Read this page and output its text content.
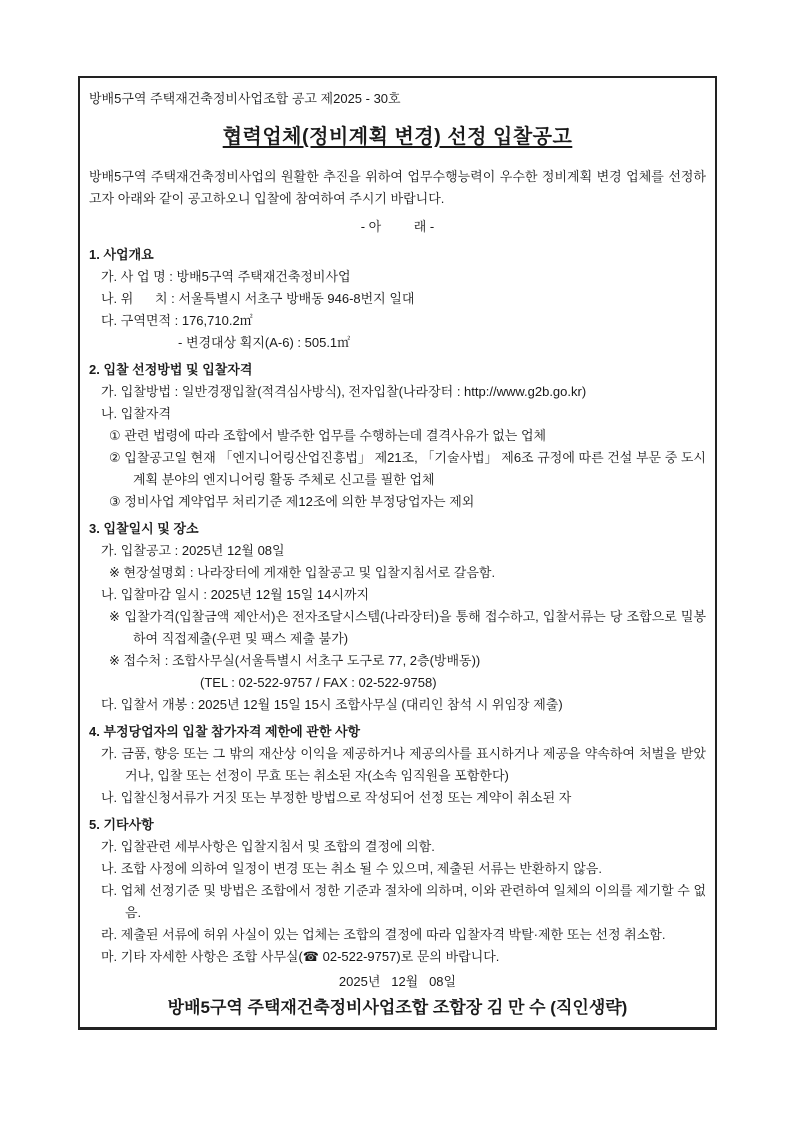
방배5구역 주택재건축정비사업조합 공고 제2025 - 30호
협력업체(정비계획 변경) 선정 입찰공고
방배5구역 주택재건축정비사업의 원활한 추진을 위하여 업무수행능력이 우수한 정비계획 변경 업체를 선정하고자 아래와 같이 공고하오니 입찰에 참여하여 주시기 바랍니다.
- 아         래 -
1. 사업개요
가. 사 업 명 : 방배5구역 주택재건축정비사업
나. 위      치 : 서울특별시 서초구 방배동 946-8번지 일대
다. 구역면적 : 176,710.2㎡
- 변경대상 획지(A-6) : 505.1㎡
2. 입찰 선정방법 및 입찰자격
가. 입찰방법 : 일반경쟁입찰(적격심사방식), 전자입찰(나라장터 : http://www.g2b.go.kr)
나. 입찰자격
① 관련 법령에 따라 조합에서 발주한 업무를 수행하는데 결격사유가 없는 업체
② 입찰공고일 현재 「엔지니어링산업진흥법」 제21조, 「기술사법」 제6조 규정에 따른 건설 부문 중 도시계획 분야의 엔지니어링 활동 주체로 신고를 필한 업체
③ 정비사업 계약업무 처리기준 제12조에 의한 부정당업자는 제외
3. 입찰일시 및 장소
가. 입찰공고 : 2025년 12월 08일
※ 현장설명회 : 나라장터에 게재한 입찰공고 및 입찰지침서로 갈음함.
나. 입찰마감 일시 : 2025년 12월 15일 14시까지
※ 입찰가격(입찰금액 제안서)은 전자조달시스템(나라장터)을 통해 접수하고, 입찰서류는 당 조합으로 밀봉하여 직접제출(우편 및 팩스 제출 불가)
※ 접수처 : 조합사무실(서울특별시 서초구 도구로 77, 2층(방배동))
(TEL : 02-522-9757 / FAX : 02-522-9758)
다. 입찰서 개봉 : 2025년 12월 15일 15시 조합사무실 (대리인 참석 시 위임장 제출)
4. 부정당업자의 입찰 참가자격 제한에 관한 사항
가. 금품, 향응 또는 그 밖의 재산상 이익을 제공하거나 제공의사를 표시하거나 제공을 약속하여 처벌을 받았거나, 입찰 또는 선정이 무효 또는 취소된 자(소속 임직원을 포함한다)
나. 입찰신청서류가 거짓 또는 부정한 방법으로 작성되어 선정 또는 계약이 취소된 자
5. 기타사항
가. 입찰관련 세부사항은 입찰지침서 및 조합의 결정에 의함.
나. 조합 사정에 의하여 일정이 변경 또는 취소 될 수 있으며, 제출된 서류는 반환하지 않음.
다. 업체 선정기준 및 방법은 조합에서 정한 기준과 절차에 의하며, 이와 관련하여 일체의 이의를 제기할 수 없음.
라. 제출된 서류에 허위 사실이 있는 업체는 조합의 결정에 따라 입찰자격 박탈·제한 또는 선정 취소함.
마. 기타 자세한 사항은 조합 사무실(☎ 02-522-9757)로 문의 바랍니다.
2025년   12월   08일
방배5구역 주택재건축정비사업조합 조합장 김 만 수 (직인생략)
